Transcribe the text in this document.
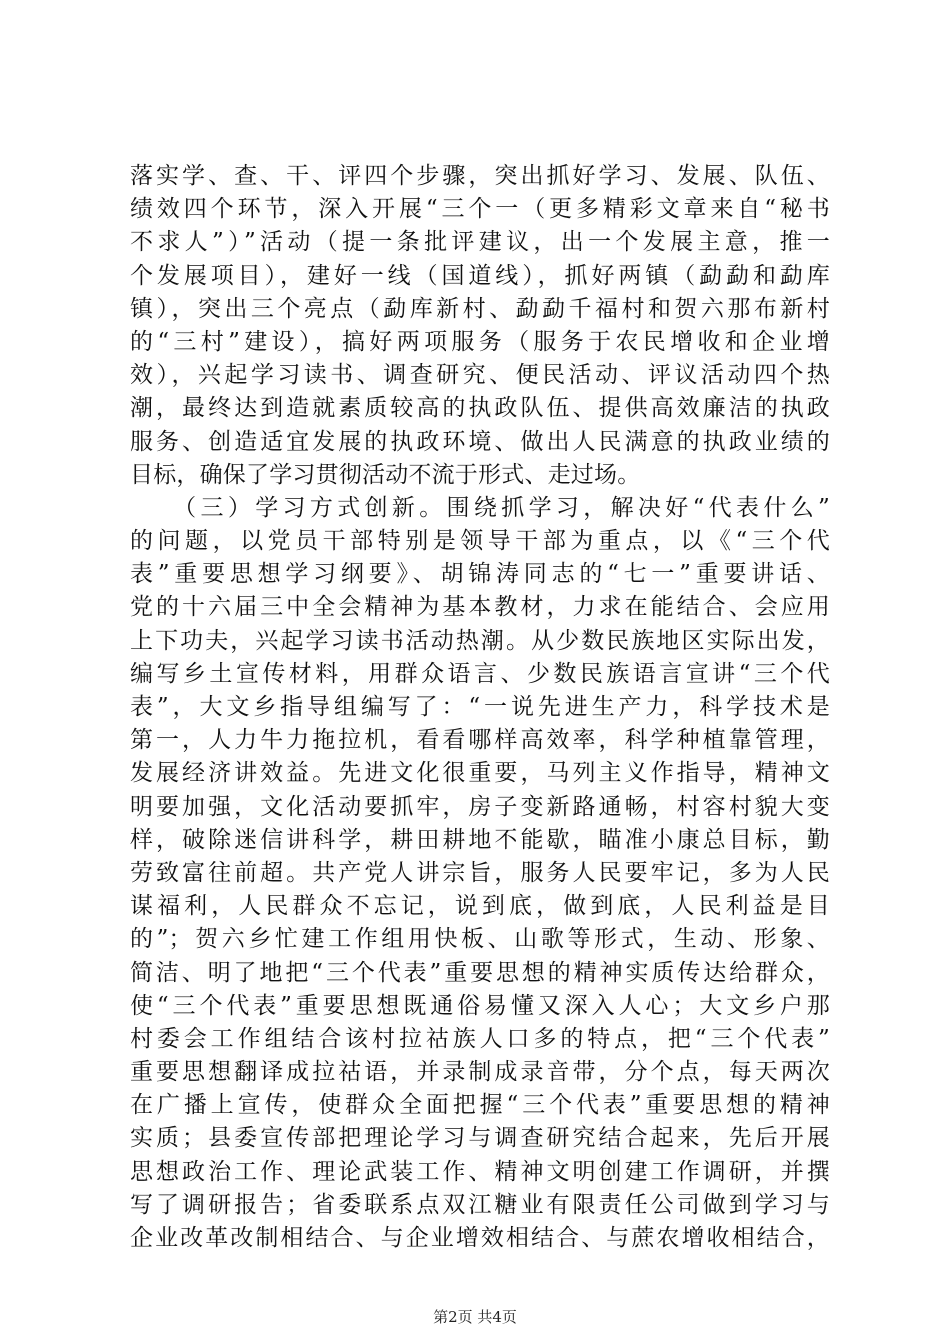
落实学、查、干、评四个步骤，突出抓好学习、发展、队伍、
绩效四个环节，深入开展“三个一（更多精彩文章来自“秘书
不求人”）”活动（提一条批评建议，出一个发展主意，推一
个发展项目），建好一线（国道线），抓好两镇（勐勐和勐库
镇），突出三个亮点（勐库新村、勐勐千福村和贺六那布新村
的“三村”建设），搞好两项服务（服务于农民增收和企业增
效），兴起学习读书、调查研究、便民活动、评议活动四个热
潮，最终达到造就素质较高的执政队伍、提供高效廉洁的执政
服务、创造适宜发展的执政环境、做出人民满意的执政业绩的
目标，确保了学习贯彻活动不流于形式、走过场。
　　（三）学习方式创新。围绕抓学习，解决好“代表什么”
的问题，以党员干部特别是领导干部为重点，以《“三个代
表”重要思想学习纲要》、胡锦涛同志的“七一”重要讲话、
党的十六届三中全会精神为基本教材，力求在能结合、会应用
上下功夫，兴起学习读书活动热潮。从少数民族地区实际出发，
编写乡土宣传材料，用群众语言、少数民族语言宣讲“三个代
表”，大文乡指导组编写了：“一说先进生产力，科学技术是
第一，人力牛力拖拉机，看看哪样高效率，科学种植靠管理，
发展经济讲效益。先进文化很重要，马列主义作指导，精神文
明要加强，文化活动要抓牢，房子变新路通畅，村容村貌大变
样，破除迷信讲科学，耕田耕地不能歇，瞄准小康总目标，勤
劳致富往前超。共产党人讲宗旨，服务人民要牢记，多为人民
谋福利，人民群众不忘记，说到底，做到底，人民利益是目
的”；贺六乡忙建工作组用快板、山歌等形式，生动、形象、
简洁、明了地把“三个代表”重要思想的精神实质传达给群众，
使“三个代表”重要思想既通俗易懂又深入人心；大文乡户那
村委会工作组结合该村拉祜族人口多的特点，把“三个代表”
重要思想翻译成拉祜语，并录制成录音带，分个点，每天两次
在广播上宣传，使群众全面把握“三个代表”重要思想的精神
实质；县委宣传部把理论学习与调查研究结合起来，先后开展
思想政治工作、理论武装工作、精神文明创建工作调研，并撰
写了调研报告；省委联系点双江糖业有限责任公司做到学习与
企业改革改制相结合、与企业增效相结合、与蔗农增收相结合，
第2页 共4页
